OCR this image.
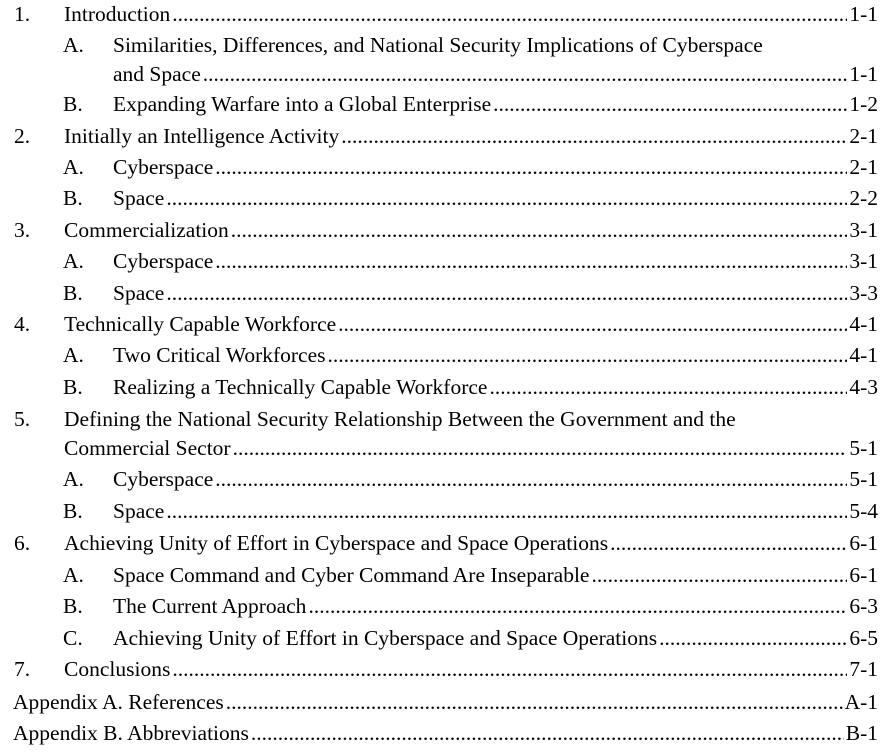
1.	Introduction .....	1-1
A.	Similarities, Differences, and National Security Implications of Cyberspace
and Space .....	1-1
B.	Expanding Warfare into a Global Enterprise .....	1-2
2.	Initially an Intelligence Activity .....	2-1
A.	Cyberspace .....	2-1
B.	Space .....	2-2
3.	Commercialization .....	3-1
A.	Cyberspace .....	3-1
B.	Space .....	3-3
4.	Technically Capable Workforce .....	4-1
A.	Two Critical Workforces .....	4-1
B.	Realizing a Technically Capable Workforce .....	4-3
5.	Defining the National Security Relationship Between the Government and the
Commercial Sector .....	5-1
A.	Cyberspace .....	5-1
B.	Space .....	5-4
6.	Achieving Unity of Effort in Cyberspace and Space Operations .....	6-1
A.	Space Command and Cyber Command Are Inseparable .....	6-1
B.	The Current Approach .....	6-3
C.	Achieving Unity of Effort in Cyberspace and Space Operations .....	6-5
7.	Conclusions .....	7-1
Appendix A. References .....	A-1
Appendix B. Abbreviations .....	B-1
